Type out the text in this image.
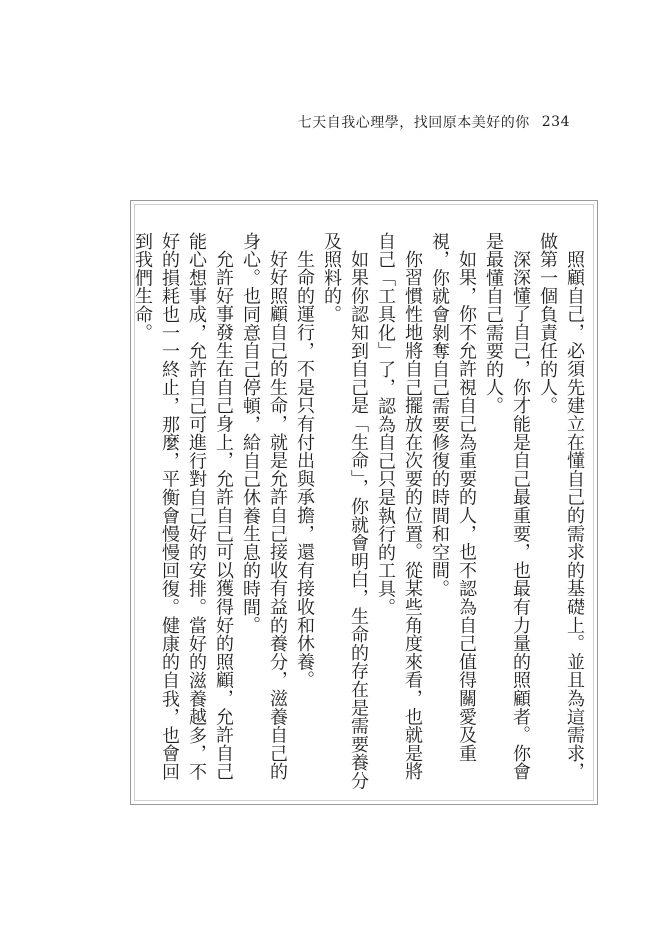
七天自我心理學，找回原本美好的你 234

照顧自己，必須先建立在懂自己的需求的基礎上。並且為這需求，做第一個負責任的人。

深深懂了自己，你才能是自己最重要，也最有力量的照顧者。你會是最懂自己需要的人。

如果，你不允許視自己為重要的人，也不認為自己值得關愛及重視，你就會剝奪自己需要修復的時間和空間。

你習慣性地將自己擺放在次要的位置。從某些角度來看，也就是將自己「工具化」了，認為自己只是執行的工具。

如果你認知到自己是「生命」，你就會明白，生命的存在是需要養分及照料的。

生命的運行，不是只有付出與承擔，還有接收和休養。

好好照顧自己的生命，就是允許自己接收有益的養分，滋養自己的身心。也同意自己停頓，給自己休養生息的時間。

允許好事發生在自己身上，允許自己可以獲得好的照顧，允許自己能心想事成，允許自己可進行對自己好的安排。當好的滋養越多，不好的損耗也一一終止，那麼，平衡會慢慢回復。健康的自我，也會回到我們生命。
